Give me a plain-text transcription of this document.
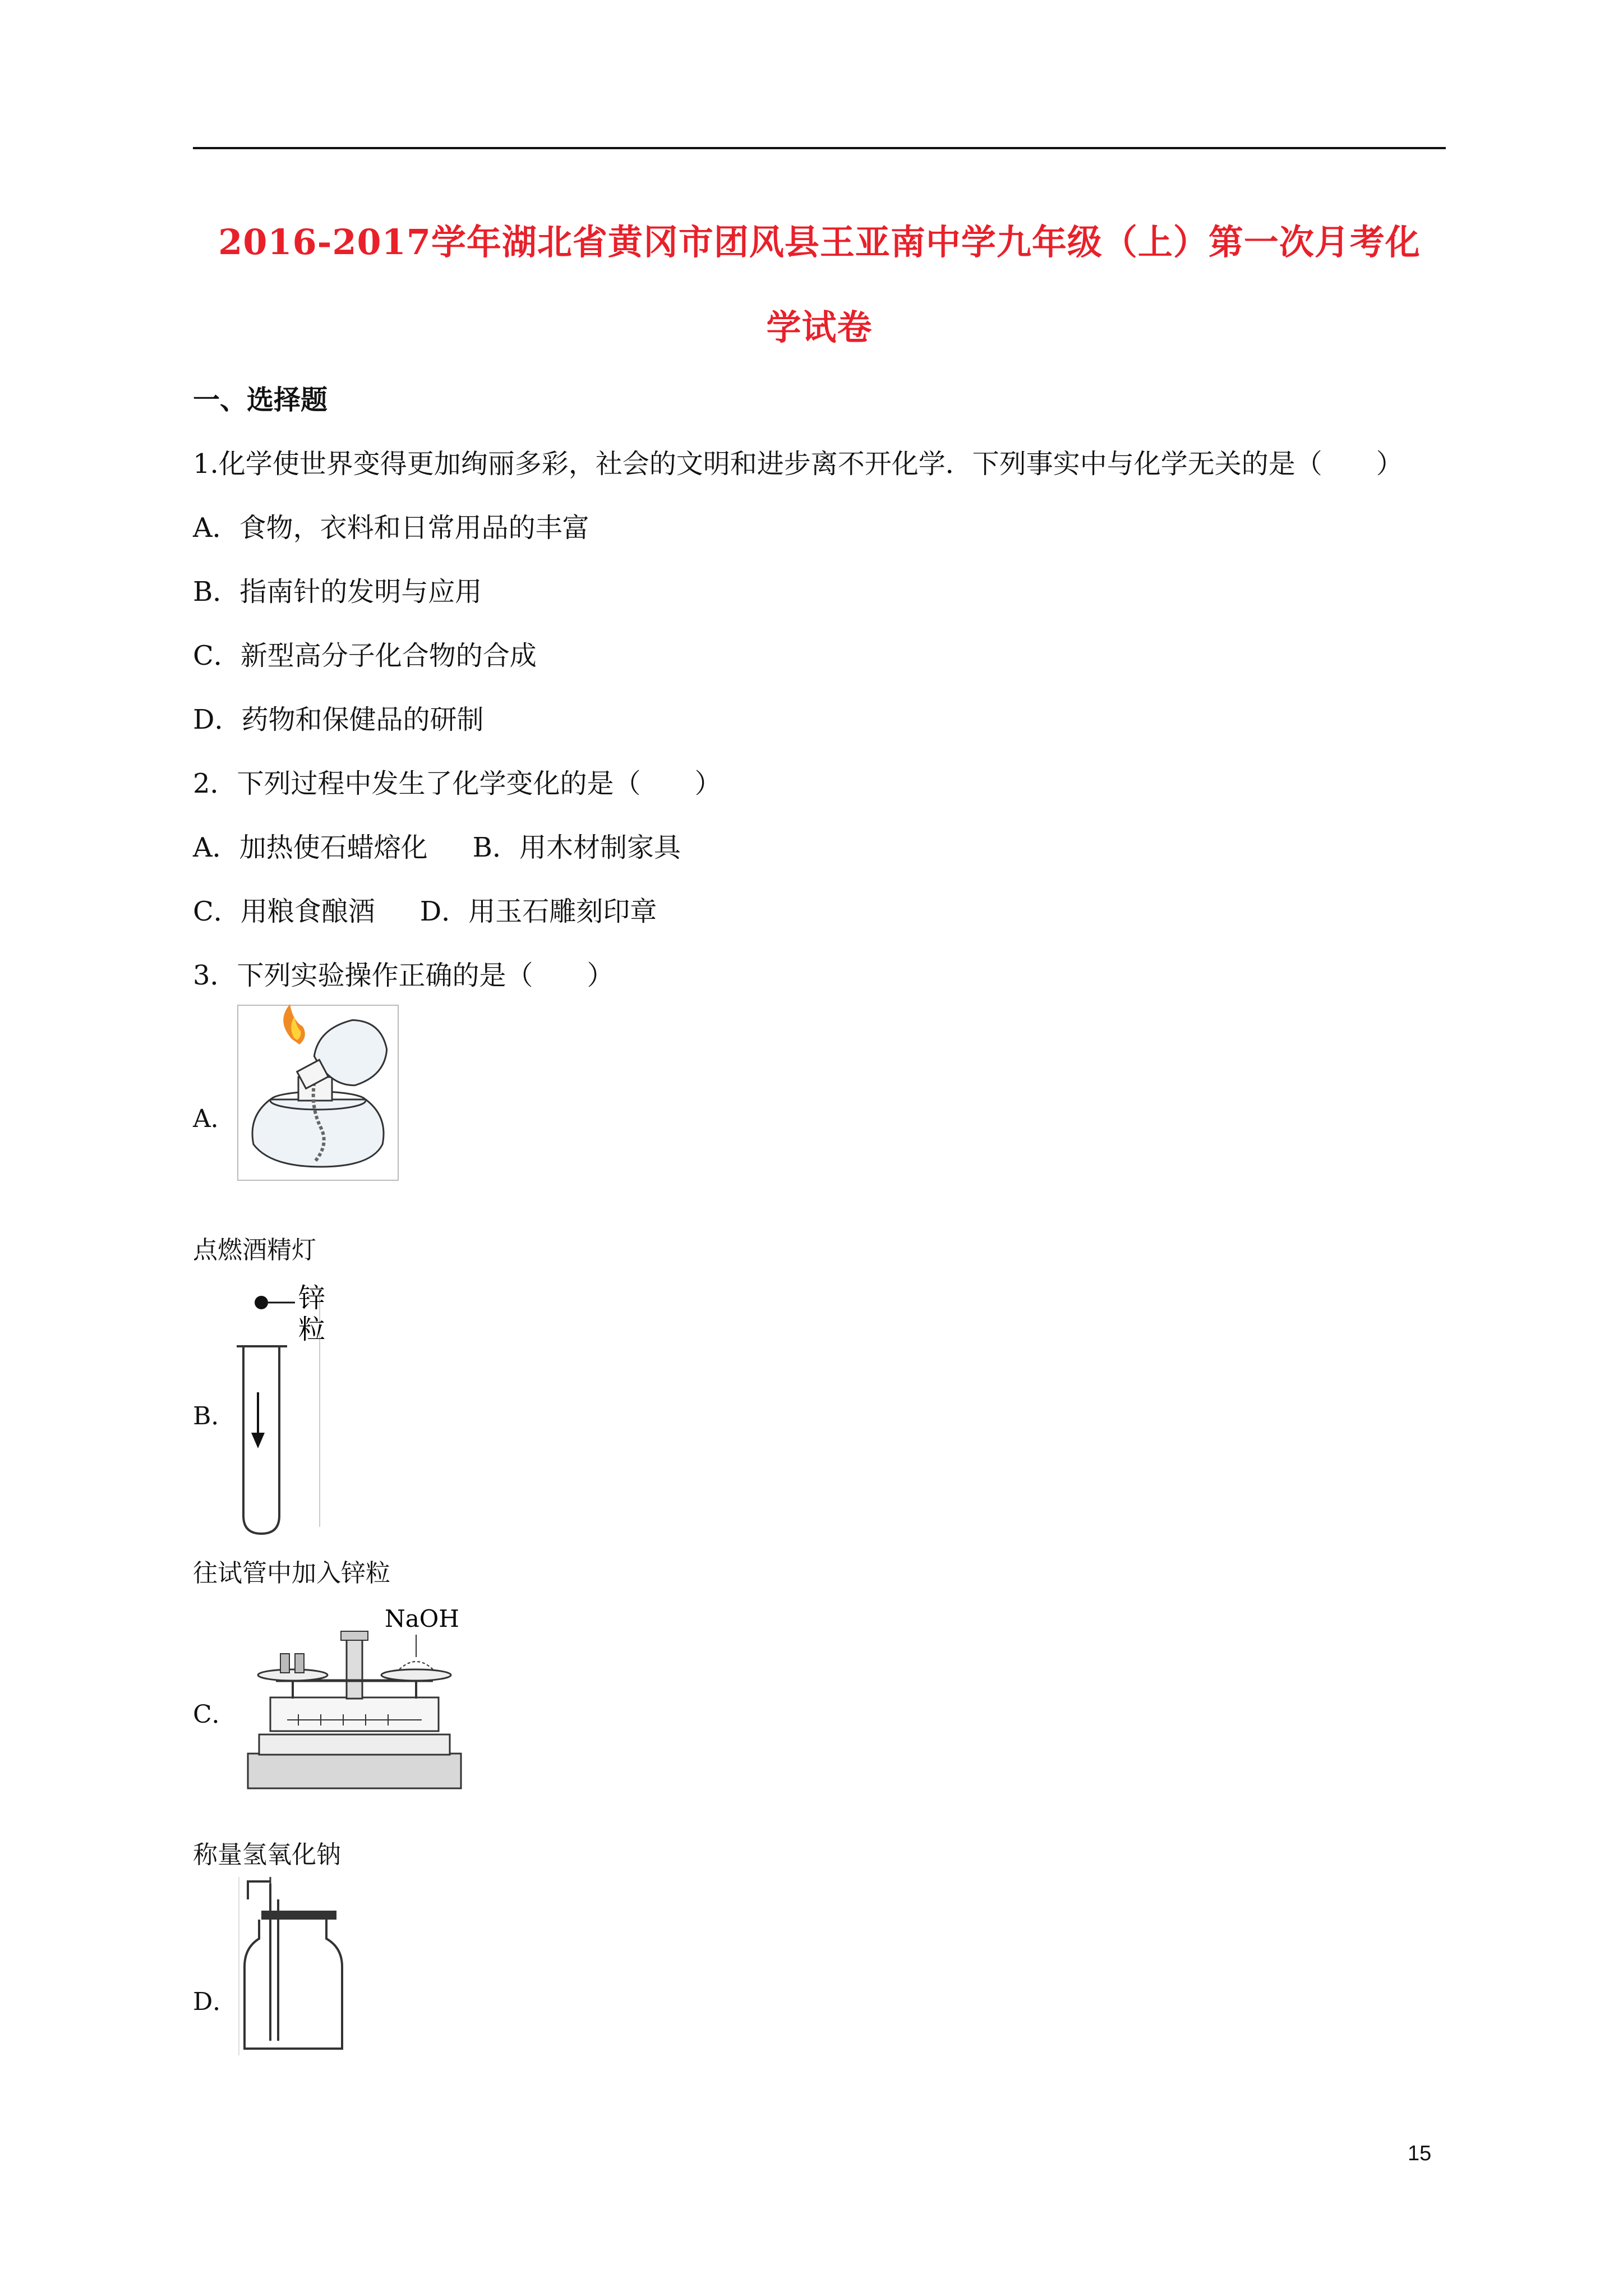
2016-2017学年湖北省黄冈市团风县王亚南中学九年级（上）第一次月考化
学试卷
一、选择题

1.化学使世界变得更加绚丽多彩，社会的文明和进步离不开化学．下列事实中与化学无关的是（　　）

A．食物，衣料和日常用品的丰富

B．指南针的发明与应用

C．新型高分子化合物的合成

D．药物和保健品的研制

2．下列过程中发生了化学变化的是（　　）

A．加热使石蜡熔化 B．用木材制家具

C．用粮食酿酒 D．用玉石雕刻印章

3．下列实验操作正确的是（　　）

A．
点燃酒精灯
B．
锌
粒
往试管中加入锌粒
C．
NaOH
称量氢氧化钠
D．
15
